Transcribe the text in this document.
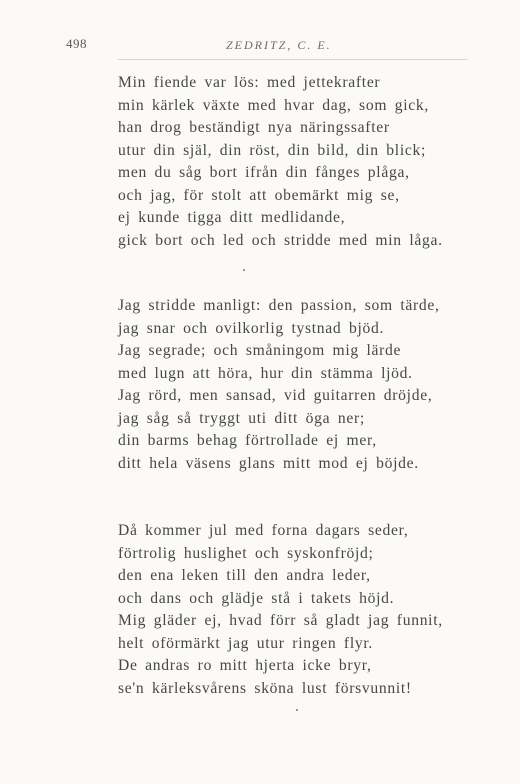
498	ZEDRITZ, C. E.
Min fiende var lös: med jettekrafter
min kärlek växte med hvar dag, som gick,
han drog beständigt nya näringssafter
utur din själ, din röst, din bild, din blick;
men du såg bort ifrån din fånges plåga,
och jag, för stolt att obemärkt mig se,
ej kunde tigga ditt medlidande,
gick bort och led och stridde med min låga.
Jag stridde manligt: den passion, som tärde,
jag snar och ovilkorlig tystnad bjöd.
Jag segrade; och småningom mig lärde
med lugn att höra, hur din stämma ljöd.
Jag rörd, men sansad, vid guitarren dröjde,
jag såg så tryggt uti ditt öga ner;
din barms behag förtrollade ej mer,
ditt hela väsens glans mitt mod ej böjde.
Då kommer jul med forna dagars seder,
förtrolig huslighet och syskonfröjd;
den ena leken till den andra leder,
och dans och glädje stå i takets höjd.
Mig gläder ej, hvad förr så gladt jag funnit,
helt oförmärkt jag utur ringen flyr.
De andras ro mitt hjerta icke bryr,
se'n kärleksvårens sköna lust försvunnit!
